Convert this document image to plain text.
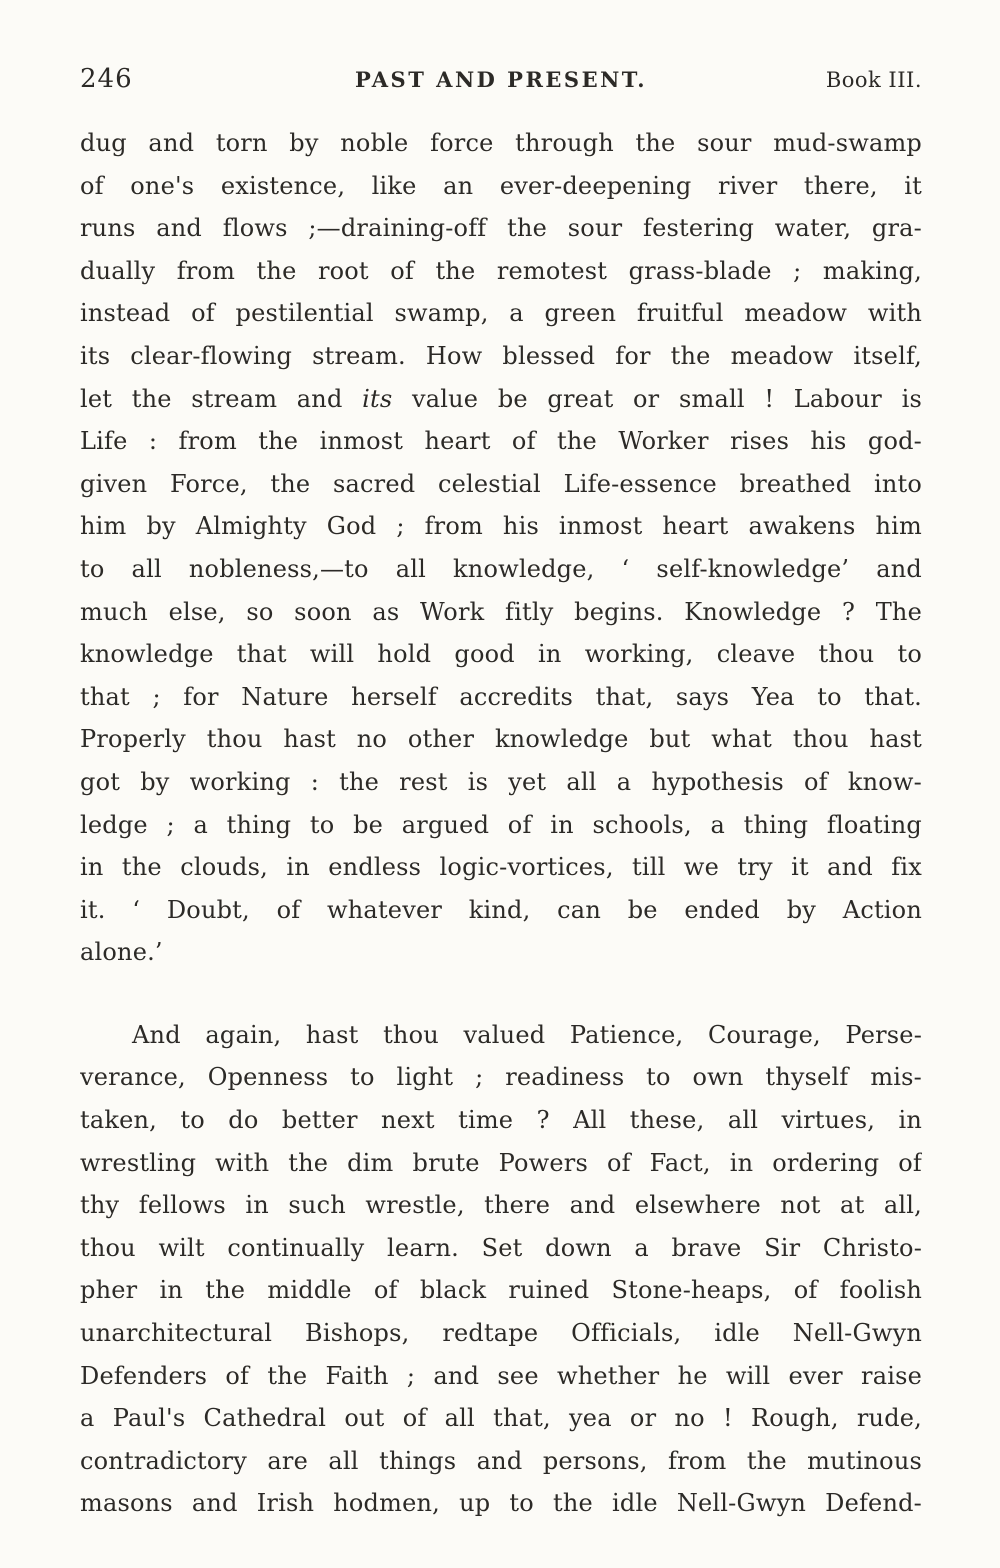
246	PAST AND PRESENT.	Book III.
dug and torn by noble force through the sour mud-swamp
of one's existence, like an ever-deepening river there, it
runs and flows ;—draining-off the sour festering water, gra-
dually from the root of the remotest grass-blade ; making,
instead of pestilential swamp, a green fruitful meadow with
its clear-flowing stream. How blessed for the meadow itself,
let the stream and its value be great or small ! Labour is
Life : from the inmost heart of the Worker rises his god-
given Force, the sacred celestial Life-essence breathed into
him by Almighty God ; from his inmost heart awakens him
to all nobleness,—to all knowledge, ‘ self-knowledge’ and
much else, so soon as Work fitly begins. Knowledge ? The
knowledge that will hold good in working, cleave thou to
that ; for Nature herself accredits that, says Yea to that.
Properly thou hast no other knowledge but what thou hast
got by working : the rest is yet all a hypothesis of know-
ledge ; a thing to be argued of in schools, a thing floating
in the clouds, in endless logic-vortices, till we try it and fix
it. ‘ Doubt, of whatever kind, can be ended by Action
alone.’
And again, hast thou valued Patience, Courage, Perse-
verance, Openness to light ; readiness to own thyself mis-
taken, to do better next time ? All these, all virtues, in
wrestling with the dim brute Powers of Fact, in ordering of
thy fellows in such wrestle, there and elsewhere not at all,
thou wilt continually learn. Set down a brave Sir Christo-
pher in the middle of black ruined Stone-heaps, of foolish
unarchitectural Bishops, redtape Officials, idle Nell-Gwyn
Defenders of the Faith ; and see whether he will ever raise
a Paul's Cathedral out of all that, yea or no ! Rough, rude,
contradictory are all things and persons, from the mutinous
masons and Irish hodmen, up to the idle Nell-Gwyn Defend-
